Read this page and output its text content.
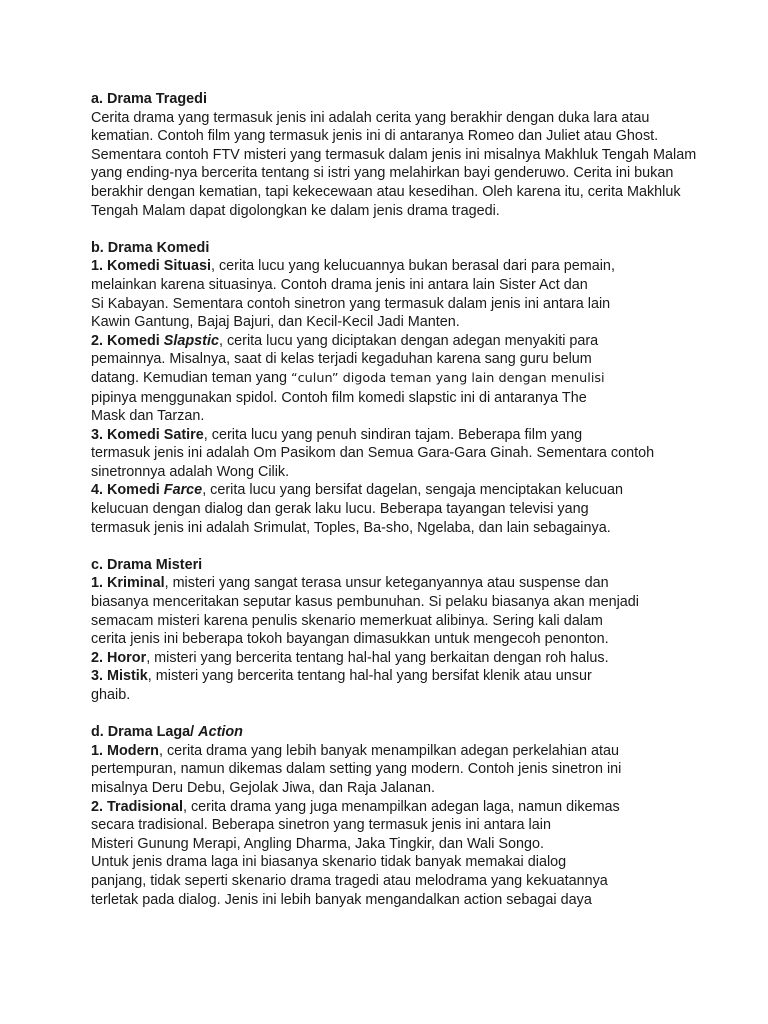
a. Drama Tragedi
Cerita drama yang termasuk jenis ini adalah cerita yang berakhir dengan duka lara atau
kematian. Contoh film yang termasuk jenis ini di antaranya Romeo dan Juliet atau Ghost.
Sementara contoh FTV misteri yang termasuk dalam jenis ini misalnya Makhluk Tengah Malam
yang ending-nya bercerita tentang si istri yang melahirkan bayi genderuwo. Cerita ini bukan
berakhir dengan kematian, tapi kekecewaan atau kesedihan. Oleh karena itu, cerita Makhluk
Tengah Malam dapat digolongkan ke dalam jenis drama tragedi.
b. Drama Komedi
1. Komedi Situasi, cerita lucu yang kelucuannya bukan berasal dari para pemain,
melainkan karena situasinya. Contoh drama jenis ini antara lain Sister Act dan
Si Kabayan. Sementara contoh sinetron yang termasuk dalam jenis ini antara lain
Kawin Gantung, Bajaj Bajuri, dan Kecil-Kecil Jadi Manten.
2. Komedi Slapstic, cerita lucu yang diciptakan dengan adegan menyakiti para
pemainnya. Misalnya, saat di kelas terjadi kegaduhan karena sang guru belum
datang. Kemudian teman yang “culun” digoda teman yang lain dengan menulisi
pipinya menggunakan spidol. Contoh film komedi slapstic ini di antaranya The
Mask dan Tarzan.
3. Komedi Satire, cerita lucu yang penuh sindiran tajam. Beberapa film yang
termasuk jenis ini adalah Om Pasikom dan Semua Gara-Gara Ginah. Sementara contoh
sinetronnya adalah Wong Cilik.
4. Komedi Farce, cerita lucu yang bersifat dagelan, sengaja menciptakan kelucuan
kelucuan dengan dialog dan gerak laku lucu. Beberapa tayangan televisi yang
termasuk jenis ini adalah Srimulat, Toples, Ba-sho, Ngelaba, dan lain sebagainya.
c. Drama Misteri
1. Kriminal, misteri yang sangat terasa unsur keteganyannya atau suspense dan
biasanya menceritakan seputar kasus pembunuhan. Si pelaku biasanya akan menjadi
semacam misteri karena penulis skenario memerkuat alibinya. Sering kali dalam
cerita jenis ini beberapa tokoh bayangan dimasukkan untuk mengecoh penonton.
2. Horor, misteri yang bercerita tentang hal-hal yang berkaitan dengan roh halus.
3. Mistik, misteri yang bercerita tentang hal-hal yang bersifat klenik atau unsur
ghaib.
d. Drama Laga/ Action
1. Modern, cerita drama yang lebih banyak menampilkan adegan perkelahian atau
pertempuran, namun dikemas dalam setting yang modern. Contoh jenis sinetron ini
misalnya Deru Debu, Gejolak Jiwa, dan Raja Jalanan.
2. Tradisional, cerita drama yang juga menampilkan adegan laga, namun dikemas
secara tradisional. Beberapa sinetron yang termasuk jenis ini antara lain
Misteri Gunung Merapi, Angling Dharma, Jaka Tingkir, dan Wali Songo.
Untuk jenis drama laga ini biasanya skenario tidak banyak memakai dialog
panjang, tidak seperti skenario drama tragedi atau melodrama yang kekuatannya
terletak pada dialog. Jenis ini lebih banyak mengandalkan action sebagai daya
